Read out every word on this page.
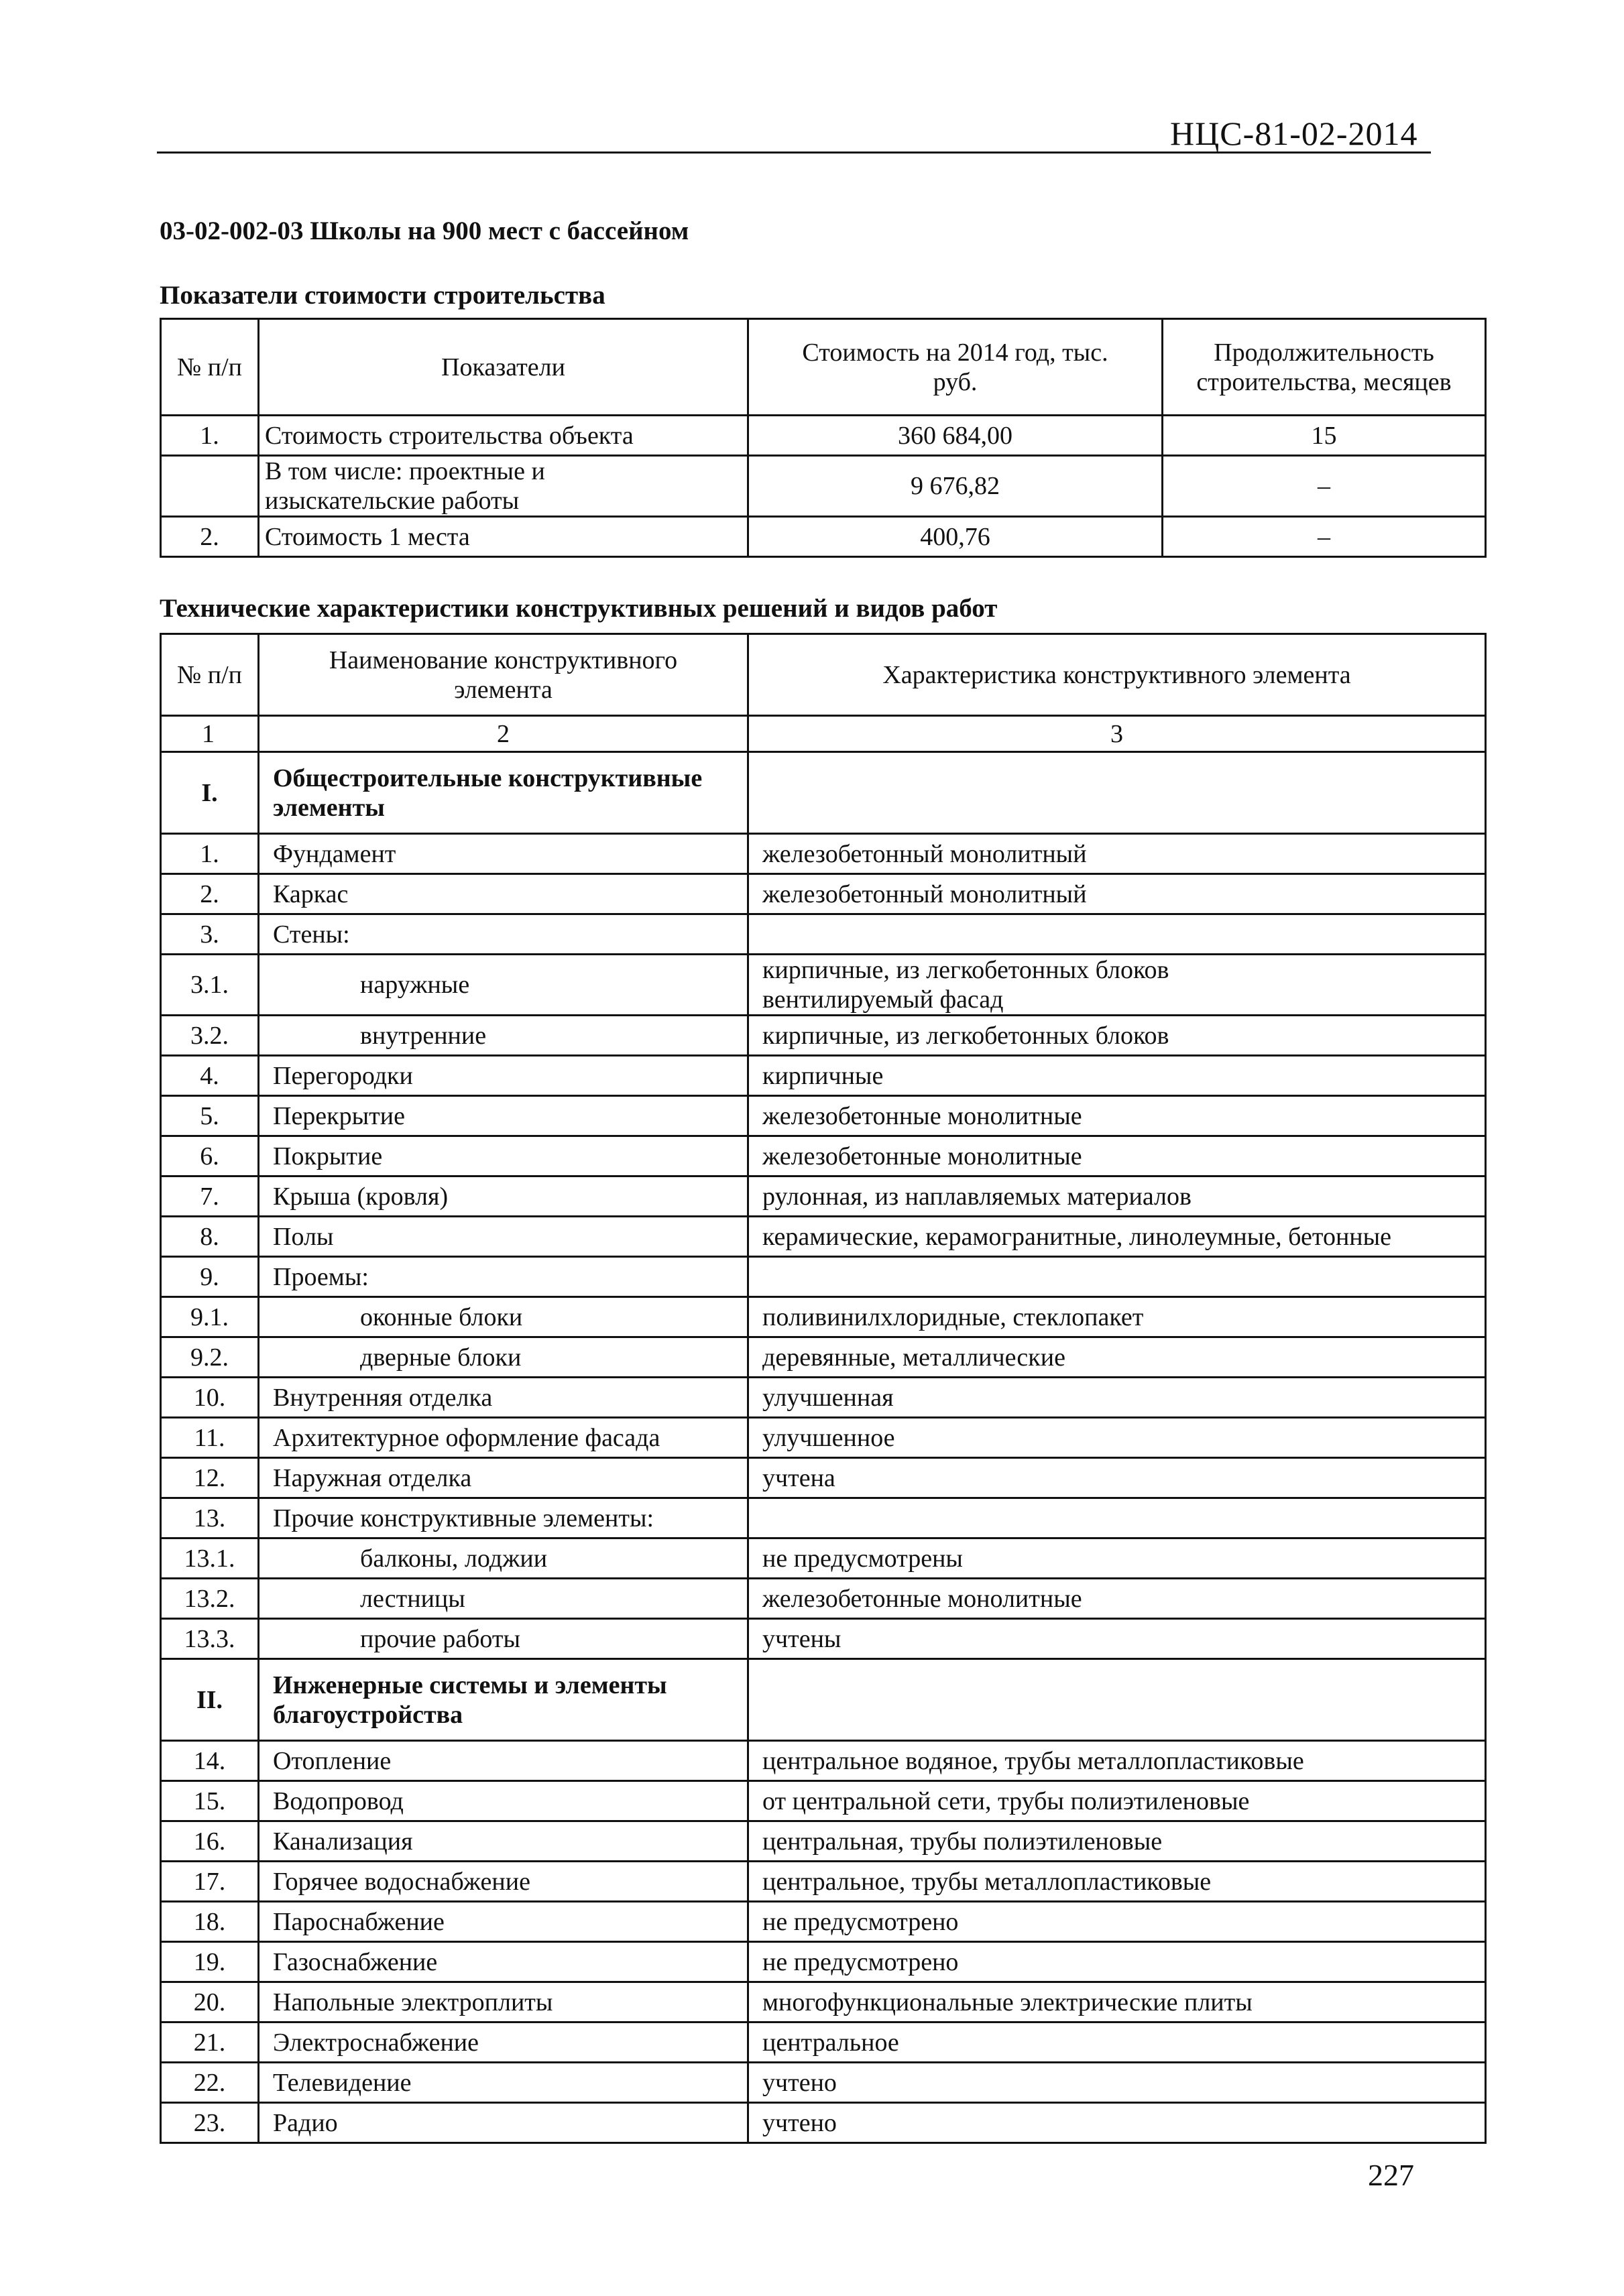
НЦС-81-02-2014
03-02-002-03 Школы на 900 мест с бассейном
Показатели стоимости строительства
№ п/п	Показатели	Стоимость на 2014 год, тыс. руб.	Продолжительность строительства, месяцев
1.	Стоимость строительства объекта	360 684,00	15
	В том числе: проектные и изыскательские работы	9 676,82	–
2.	Стоимость 1 места	400,76	–
Технические характеристики конструктивных решений и видов работ
№ п/п	Наименование конструктивного элемента	Характеристика конструктивного элемента
1	2	3
I.	Общестроительные конструктивные элементы	
1.	Фундамент	железобетонный монолитный
2.	Каркас	железобетонный монолитный
3.	Стены:	
3.1.	наружные	кирпичные, из легкобетонных блоков вентилируемый фасад
3.2.	внутренние	кирпичные, из легкобетонных блоков
4.	Перегородки	кирпичные
5.	Перекрытие	железобетонные монолитные
6.	Покрытие	железобетонные монолитные
7.	Крыша (кровля)	рулонная, из наплавляемых материалов
8.	Полы	керамические, керамогранитные, линолеумные, бетонные
9.	Проемы:	
9.1.	оконные блоки	поливинилхлоридные, стеклопакет
9.2.	дверные блоки	деревянные, металлические
10.	Внутренняя отделка	улучшенная
11.	Архитектурное оформление фасада	улучшенное
12.	Наружная отделка	учтена
13.	Прочие конструктивные элементы:	
13.1.	балконы, лоджии	не предусмотрены
13.2.	лестницы	железобетонные монолитные
13.3.	прочие работы	учтены
II.	Инженерные системы и элементы благоустройства	
14.	Отопление	центральное водяное, трубы металлопластиковые
15.	Водопровод	от центральной сети, трубы полиэтиленовые
16.	Канализация	центральная, трубы полиэтиленовые
17.	Горячее водоснабжение	центральное, трубы металлопластиковые
18.	Пароснабжение	не предусмотрено
19.	Газоснабжение	не предусмотрено
20.	Напольные электроплиты	многофункциональные электрические плиты
21.	Электроснабжение	центральное
22.	Телевидение	учтено
23.	Радио	учтено
227
